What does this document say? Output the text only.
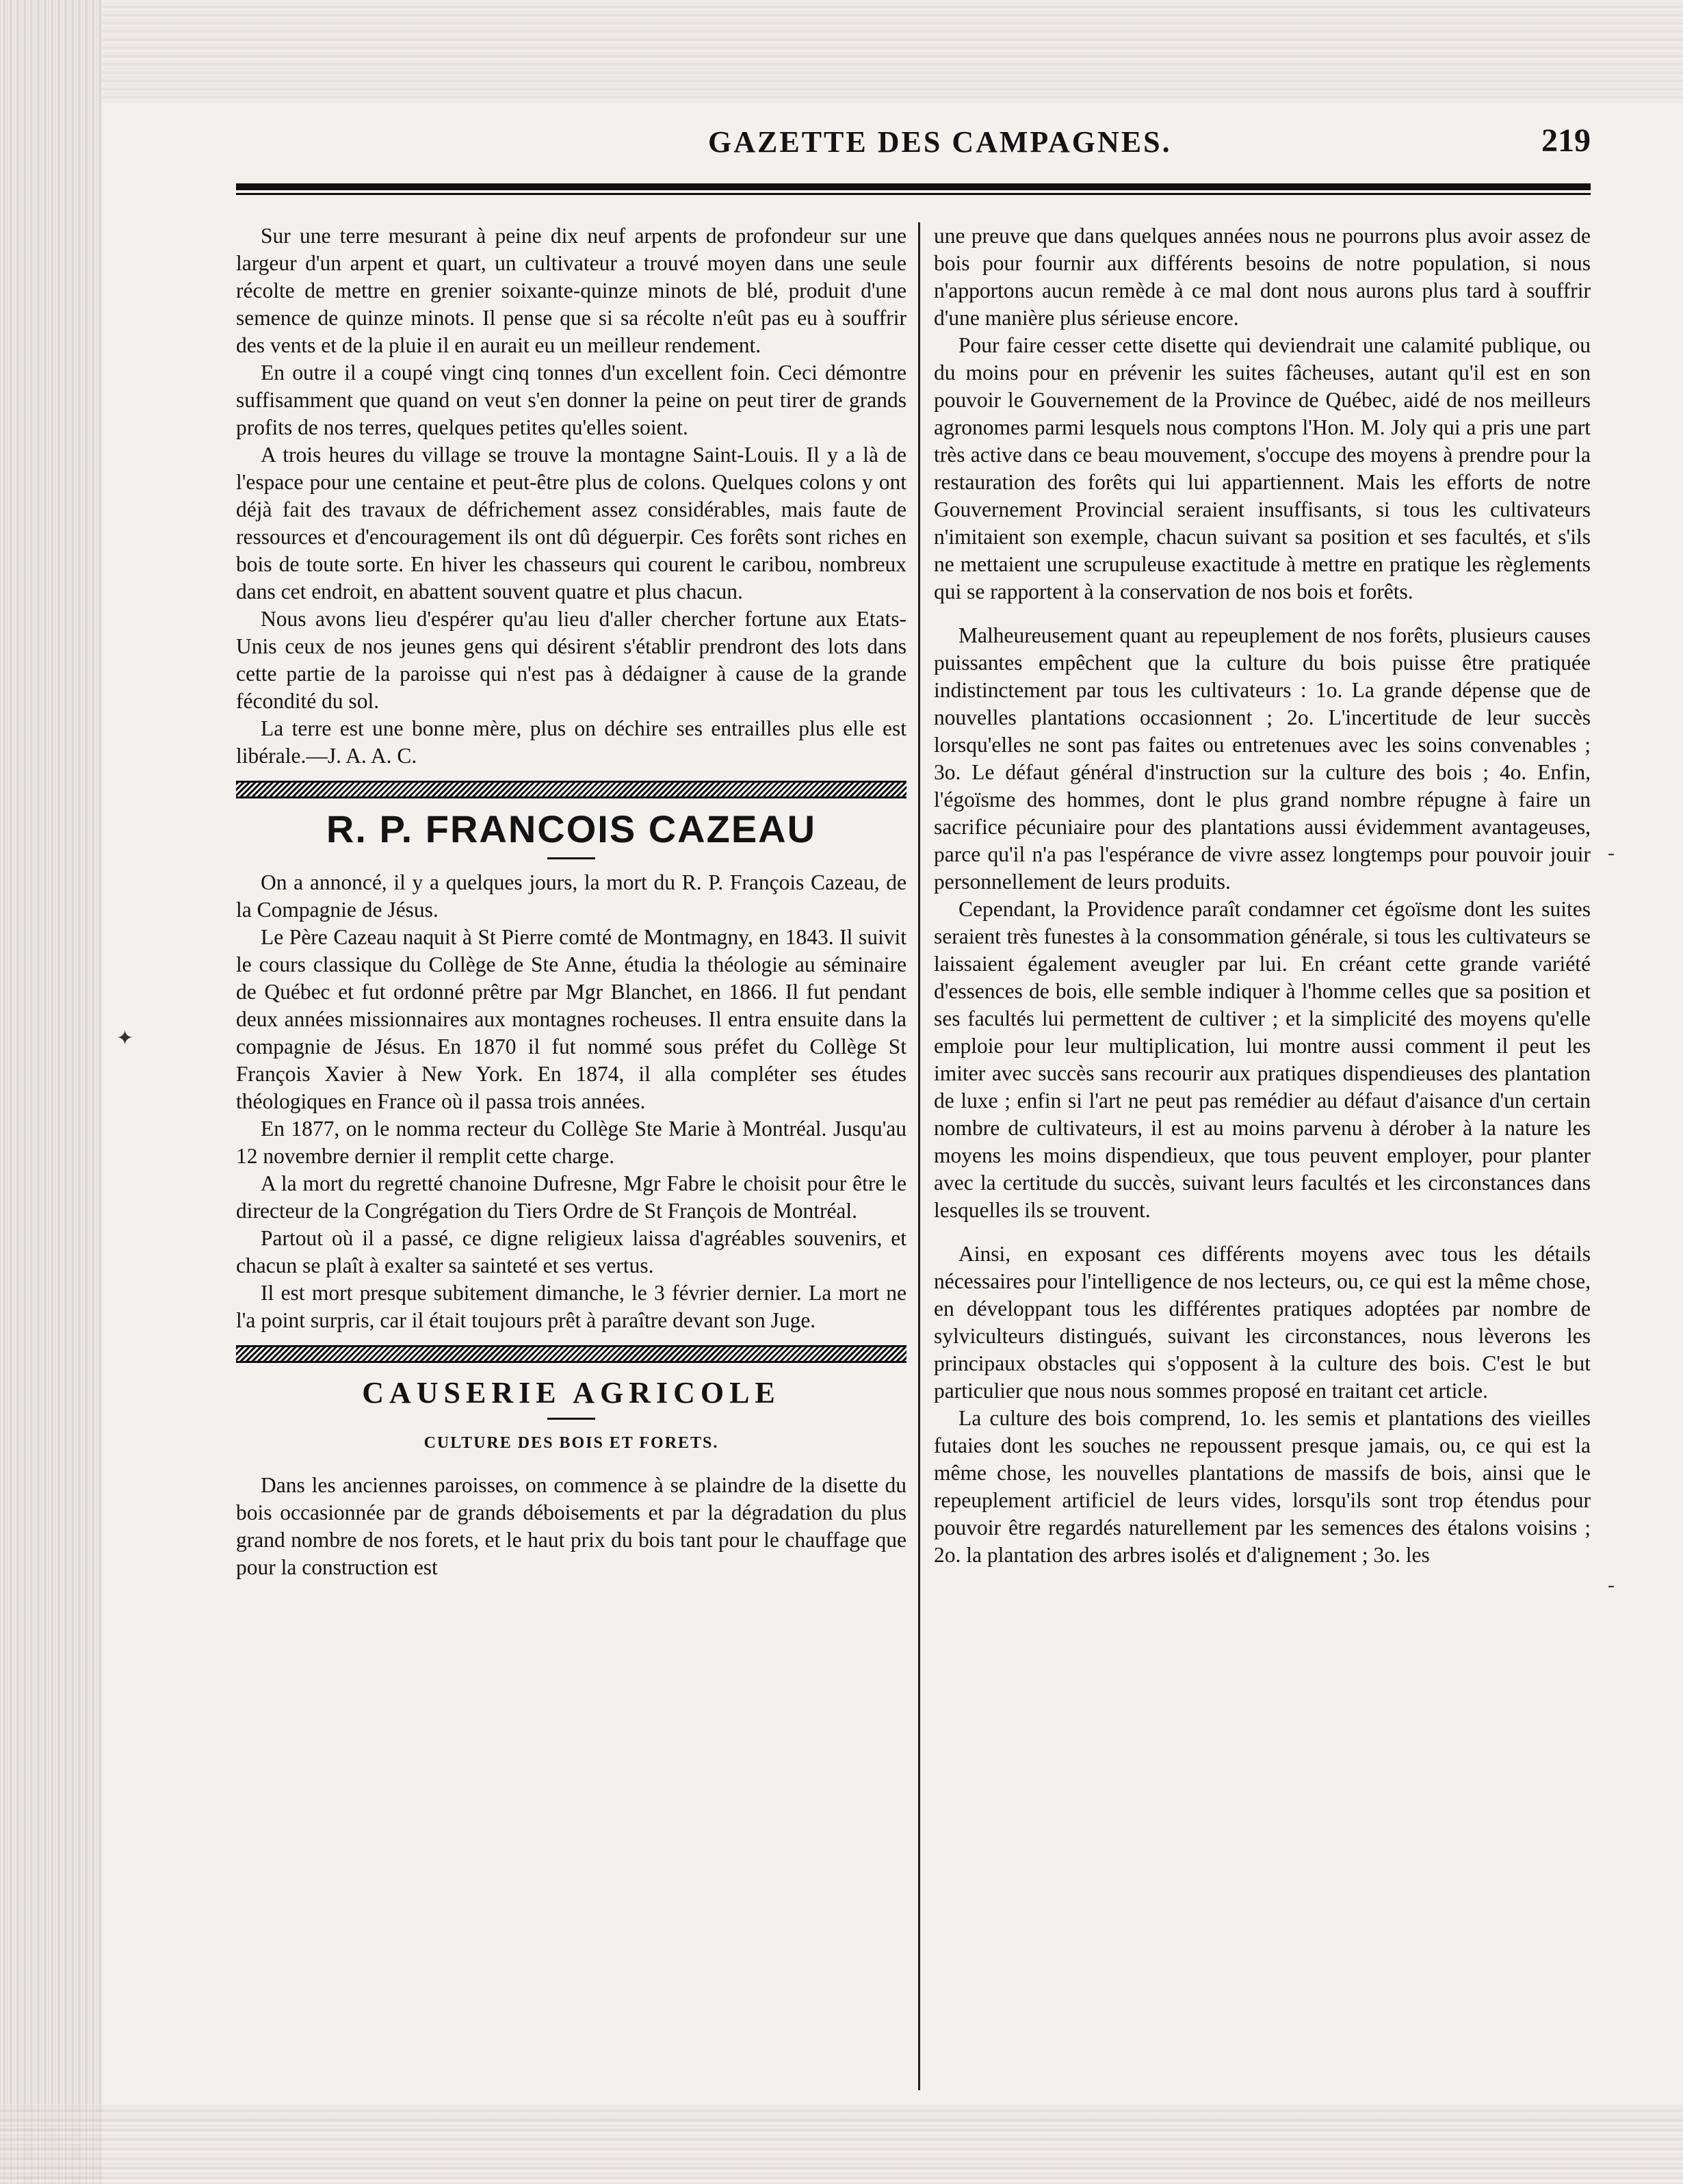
GAZETTE DES CAMPAGNES.	219

Sur une terre mesurant à peine dix neuf arpents de profondeur sur une largeur d'un arpent et quart, un cultivateur a trouvé moyen dans une seule récolte de mettre en grenier soixante-quinze minots de blé, produit d'une semence de quinze minots. Il pense que si sa récolte n'eût pas eu à souffrir des vents et de la pluie il en aurait eu un meilleur rendement.

En outre il a coupé vingt cinq tonnes d'un excellent foin. Ceci démontre suffisamment que quand on veut s'en donner la peine on peut tirer de grands profits de nos terres, quelques petites qu'elles soient.

A trois heures du village se trouve la montagne Saint-Louis. Il y a là de l'espace pour une centaine et peut-être plus de colons. Quelques colons y ont déjà fait des travaux de défrichement assez considérables, mais faute de ressources et d'encouragement ils ont dû déguerpir. Ces forêts sont riches en bois de toute sorte. En hiver les chasseurs qui courent le caribou, nombreux dans cet endroit, en abattent souvent quatre et plus chacun.

Nous avons lieu d'espérer qu'au lieu d'aller chercher fortune aux Etats-Unis ceux de nos jeunes gens qui désirent s'établir prendront des lots dans cette partie de la paroisse qui n'est pas à dédaigner à cause de la grande fécondité du sol.

La terre est une bonne mère, plus on déchire ses entrailles plus elle est libérale.—J. A. A. C.

R. P. FRANCOIS CAZEAU

On a annoncé, il y a quelques jours, la mort du R. P. François Cazeau, de la Compagnie de Jésus.

Le Père Cazeau naquit à St Pierre comté de Montmagny, en 1843. Il suivit le cours classique du Collège de Ste Anne, étudia la théologie au séminaire de Québec et fut ordonné prêtre par Mgr Blanchet, en 1866. Il fut pendant deux années missionnaires aux montagnes rocheuses. Il entra ensuite dans la compagnie de Jésus. En 1870 il fut nommé sous préfet du Collège St François Xavier à New York. En 1874, il alla compléter ses études théologiques en France où il passa trois années.

En 1877, on le nomma recteur du Collège Ste Marie à Montréal. Jusqu'au 12 novembre dernier il remplit cette charge.

A la mort du regretté chanoine Dufresne, Mgr Fabre le choisit pour être le directeur de la Congrégation du Tiers Ordre de St François de Montréal.

Partout où il a passé, ce digne religieux laissa d'agréables souvenirs, et chacun se plaît à exalter sa sainteté et ses vertus.

Il est mort presque subitement dimanche, le 3 février dernier. La mort ne l'a point surpris, car il était toujours prêt à paraître devant son Juge.

CAUSERIE AGRICOLE
CULTURE DES BOIS ET FORETS.

Dans les anciennes paroisses, on commence à se plaindre de la disette du bois occasionnée par de grands déboisements et par la dégradation du plus grand nombre de nos forets, et le haut prix du bois tant pour le chauffage que pour la construction est

une preuve que dans quelques années nous ne pourrons plus avoir assez de bois pour fournir aux différents besoins de notre population, si nous n'apportons aucun remède à ce mal dont nous aurons plus tard à souffrir d'une manière plus sérieuse encore.

Pour faire cesser cette disette qui deviendrait une calamité publique, ou du moins pour en prévenir les suites fâcheuses, autant qu'il est en son pouvoir le Gouvernement de la Province de Québec, aidé de nos meilleurs agronomes parmi lesquels nous comptons l'Hon. M. Joly qui a pris une part très active dans ce beau mouvement, s'occupe des moyens à prendre pour la restauration des forêts qui lui appartiennent. Mais les efforts de notre Gouvernement Provincial seraient insuffisants, si tous les cultivateurs n'imitaient son exemple, chacun suivant sa position et ses facultés, et s'ils ne mettaient une scrupuleuse exactitude à mettre en pratique les règlements qui se rapportent à la conservation de nos bois et forêts.

Malheureusement quant au repeuplement de nos forêts, plusieurs causes puissantes empêchent que la culture du bois puisse être pratiquée indistinctement par tous les cultivateurs : 1o. La grande dépense que de nouvelles plantations occasionnent ; 2o. L'incertitude de leur succès lorsqu'elles ne sont pas faites ou entretenues avec les soins convenables ; 3o. Le défaut général d'instruction sur la culture des bois ; 4o. Enfin, l'égoïsme des hommes, dont le plus grand nombre répugne à faire un sacrifice pécuniaire pour des plantations aussi évidemment avantageuses, parce qu'il n'a pas l'espérance de vivre assez longtemps pour pouvoir jouir personnellement de leurs produits.

Cependant, la Providence paraît condamner cet égoïsme dont les suites seraient très funestes à la consommation générale, si tous les cultivateurs se laissaient également aveugler par lui. En créant cette grande variété d'essences de bois, elle semble indiquer à l'homme celles que sa position et ses facultés lui permettent de cultiver ; et la simplicité des moyens qu'elle emploie pour leur multiplication, lui montre aussi comment il peut les imiter avec succès sans recourir aux pratiques dispendieuses des plantation de luxe ; enfin si l'art ne peut pas remédier au défaut d'aisance d'un certain nombre de cultivateurs, il est au moins parvenu à dérober à la nature les moyens les moins dispendieux, que tous peuvent employer, pour planter avec la certitude du succès, suivant leurs facultés et les circonstances dans lesquelles ils se trouvent.

Ainsi, en exposant ces différents moyens avec tous les détails nécessaires pour l'intelligence de nos lecteurs, ou, ce qui est la même chose, en développant tous les différentes pratiques adoptées par nombre de sylviculteurs distingués, suivant les circonstances, nous lèverons les principaux obstacles qui s'opposent à la culture des bois. C'est le but particulier que nous nous sommes proposé en traitant cet article.

La culture des bois comprend, 1o. les semis et plantations des vieilles futaies dont les souches ne repoussent presque jamais, ou, ce qui est la même chose, les nouvelles plantations de massifs de bois, ainsi que le repeuplement artificiel de leurs vides, lorsqu'ils sont trop étendus pour pouvoir être regardés naturellement par les semences des étalons voisins ; 2o. la plantation des arbres isolés et d'alignement ; 3o. les

✦
-
-
